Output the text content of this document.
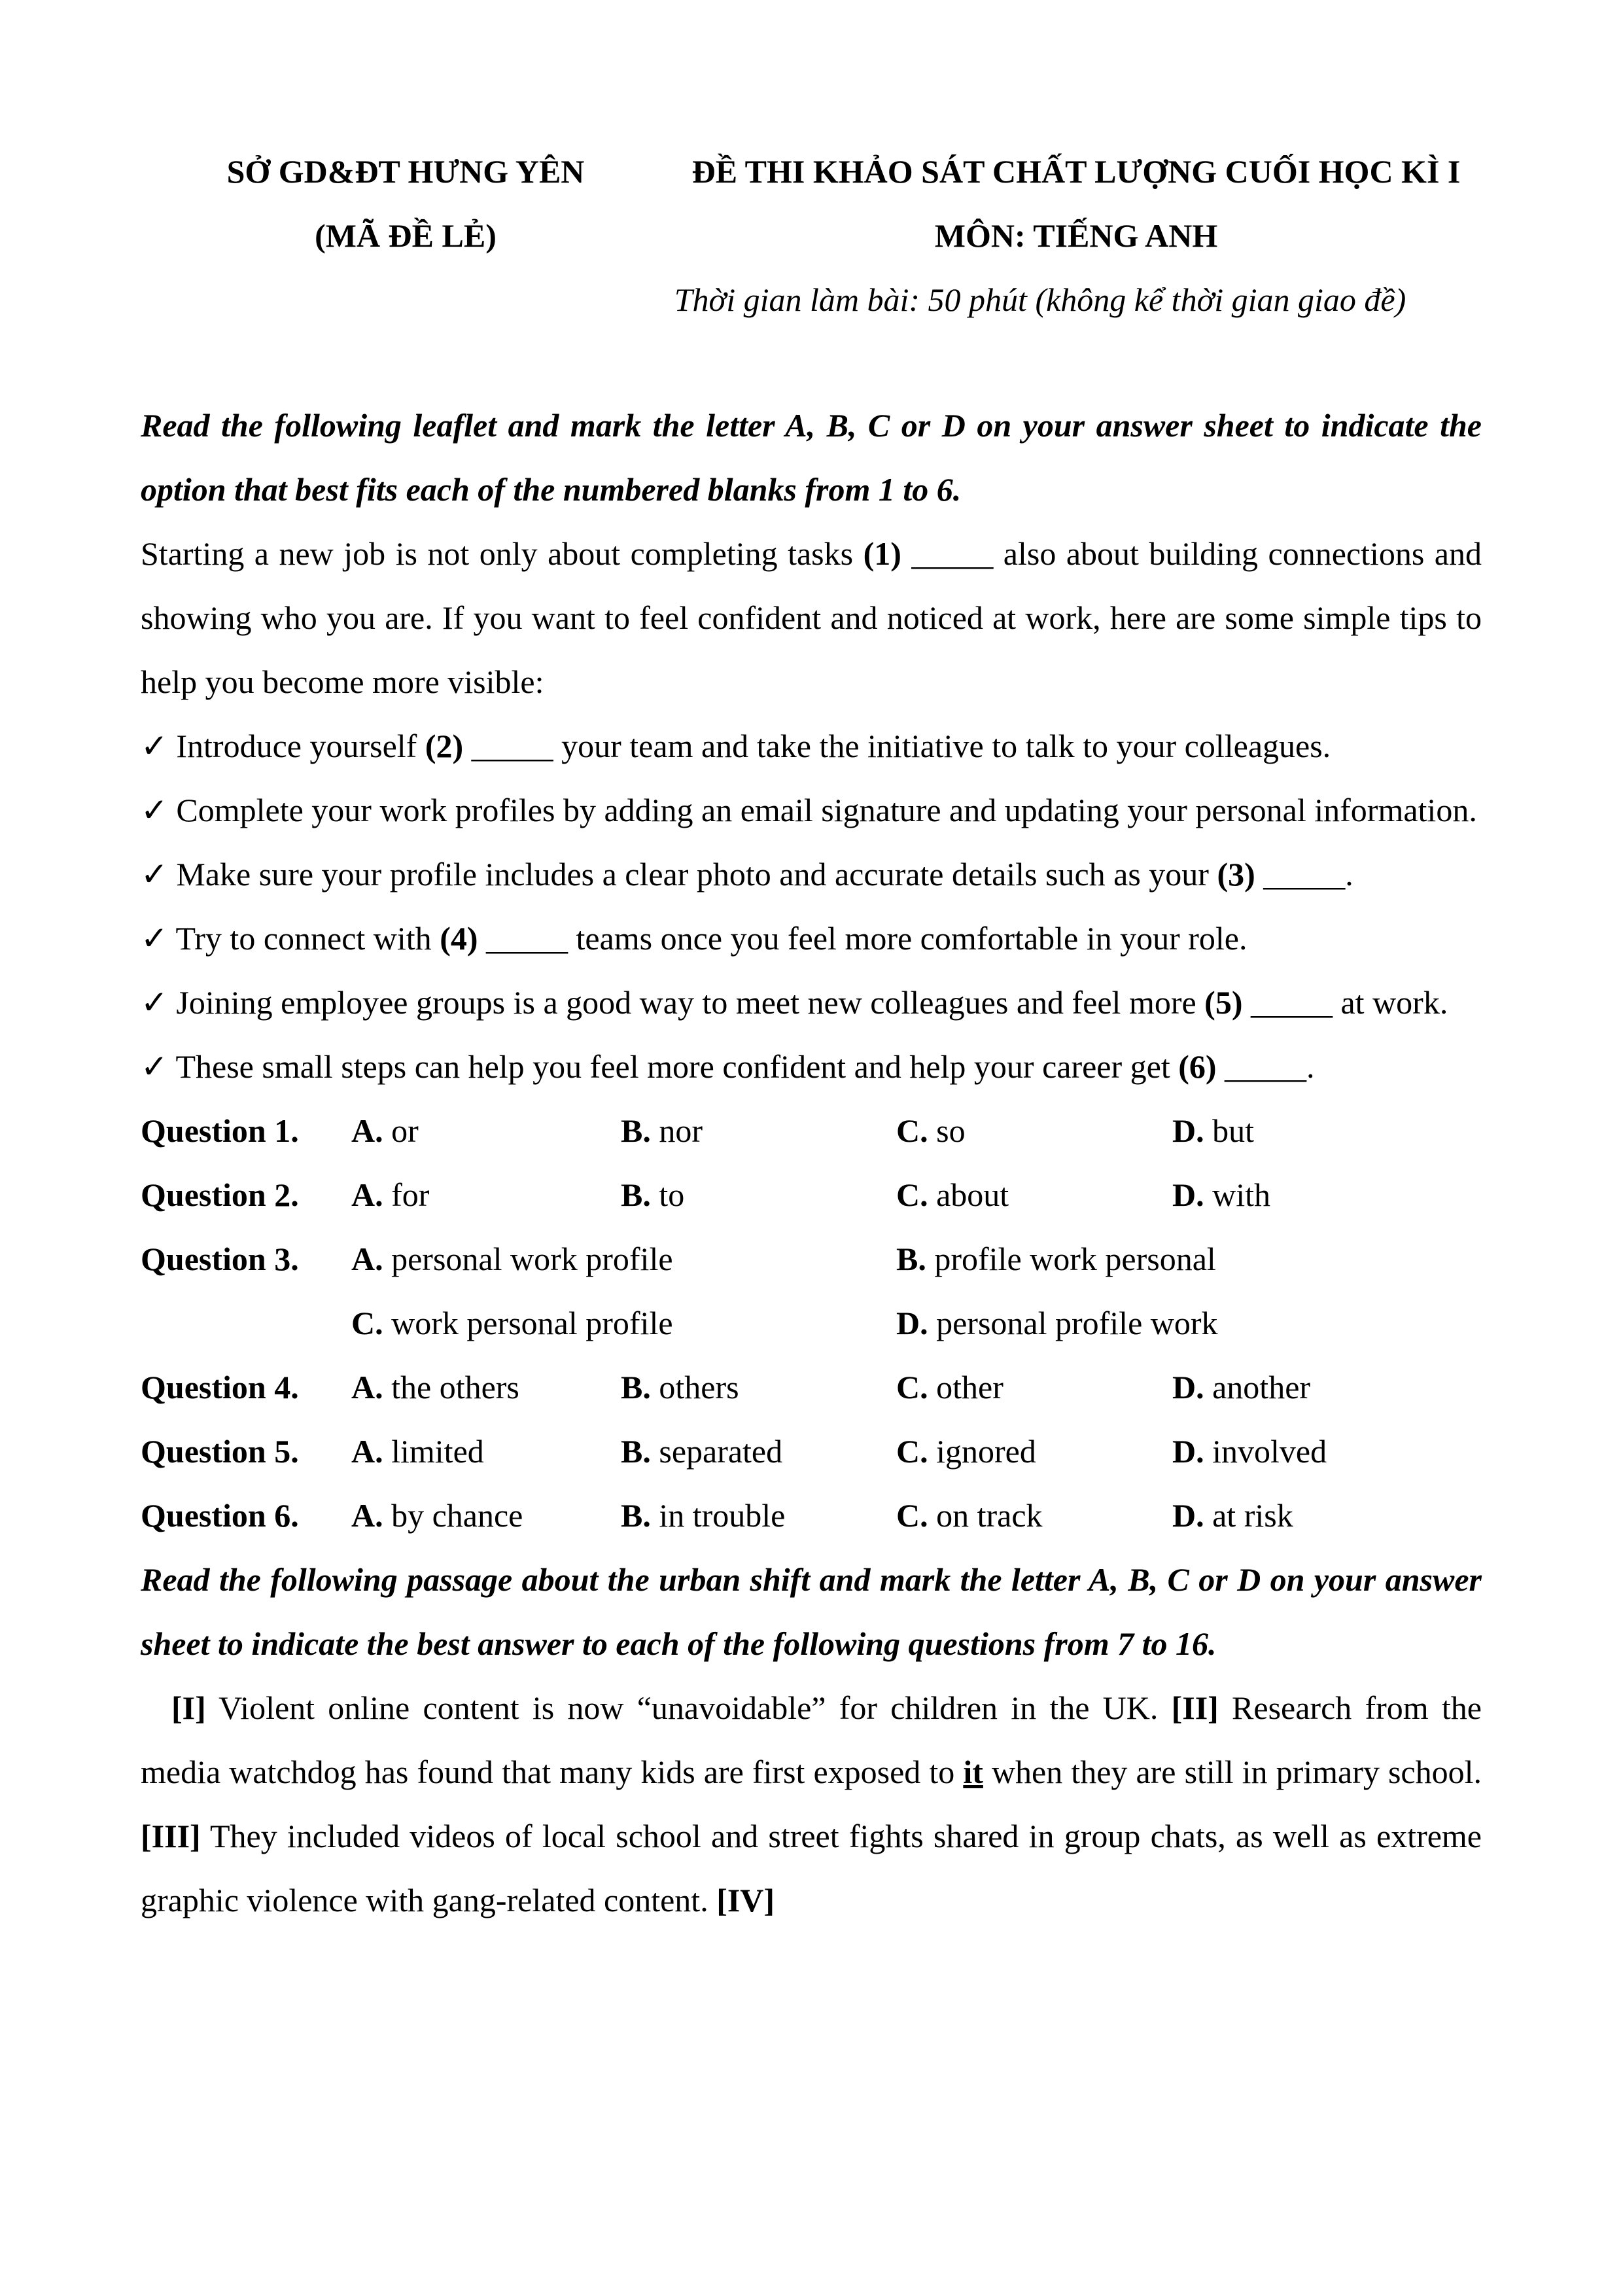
SỞ GD&ĐT HƯNG YÊN	ĐỀ THI KHẢO SÁT CHẤT LƯỢNG CUỐI HỌC KÌ I
(MÃ ĐỀ LẺ)	MÔN: TIẾNG ANH
Thời gian làm bài: 50 phút (không kể thời gian giao đề)
Read the following leaflet and mark the letter A, B, C or D on your answer sheet to indicate the option that best fits each of the numbered blanks from 1 to 6.
Starting a new job is not only about completing tasks (1) _____ also about building connections and showing who you are. If you want to feel confident and noticed at work, here are some simple tips to help you become more visible:
✓ Introduce yourself (2) _____ your team and take the initiative to talk to your colleagues.
✓ Complete your work profiles by adding an email signature and updating your personal information.
✓ Make sure your profile includes a clear photo and accurate details such as your (3) _____.
✓ Try to connect with (4) _____ teams once you feel more comfortable in your role.
✓ Joining employee groups is a good way to meet new colleagues and feel more (5) _____ at work.
✓ These small steps can help you feel more confident and help your career get (6) _____.
Question 1.	A. or	B. nor	C. so	D. but
Question 2.	A. for	B. to	C. about	D. with
Question 3.	A. personal work profile	B. profile work personal
C. work personal profile	D. personal profile work
Question 4.	A. the others	B. others	C. other	D. another
Question 5.	A. limited	B. separated	C. ignored	D. involved
Question 6.	A. by chance	B. in trouble	C. on track	D. at risk
Read the following passage about the urban shift and mark the letter A, B, C or D on your answer sheet to indicate the best answer to each of the following questions from 7 to 16.
[I] Violent online content is now “unavoidable” for children in the UK. [II] Research from the media watchdog has found that many kids are first exposed to it when they are still in primary school. [III] They included videos of local school and street fights shared in group chats, as well as extreme graphic violence with gang-related content. [IV]
